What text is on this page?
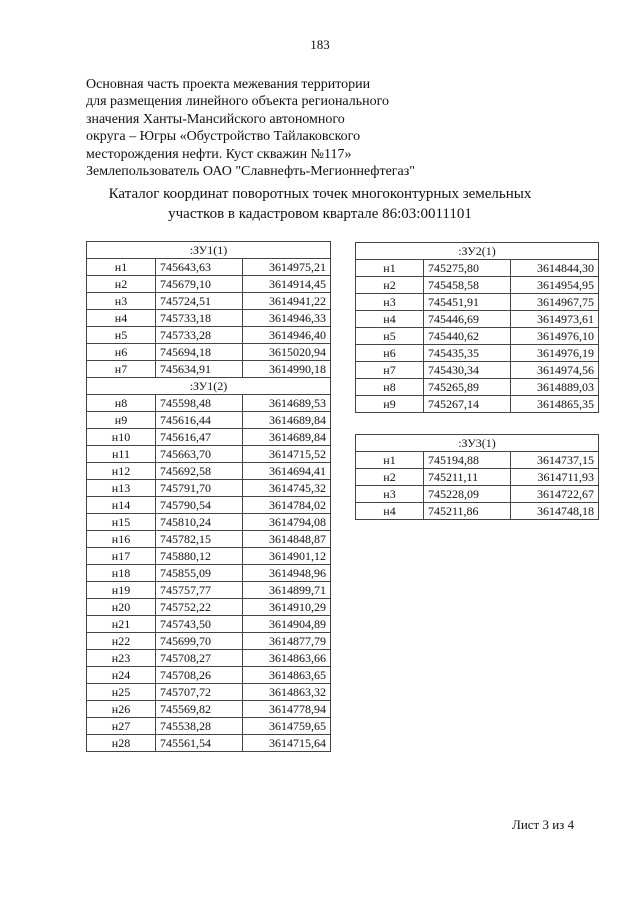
183
Основная часть проекта межевания территории
для размещения линейного объекта регионального
значения Ханты-Мансийского автономного
округа – Югры «Обустройство Тайлаковского
месторождения нефти. Куст скважин №117»
Землепользователь ОАО "Славнефть-Мегионнефтегаз"
Каталог координат поворотных точек многоконтурных земельных
участков в кадастровом квартале 86:03:0011101
:ЗУ1(1)		
н1	745643,63	3614975,21
н2	745679,10	3614914,45
н3	745724,51	3614941,22
н4	745733,18	3614946,33
н5	745733,28	3614946,40
н6	745694,18	3615020,94
н7	745634,91	3614990,18
:ЗУ1(2)		
н8	745598,48	3614689,53
н9	745616,44	3614689,84
н10	745616,47	3614689,84
н11	745663,70	3614715,52
н12	745692,58	3614694,41
н13	745791,70	3614745,32
н14	745790,54	3614784,02
н15	745810,24	3614794,08
н16	745782,15	3614848,87
н17	745880,12	3614901,12
н18	745855,09	3614948,96
н19	745757,77	3614899,71
н20	745752,22	3614910,29
н21	745743,50	3614904,89
н22	745699,70	3614877,79
н23	745708,27	3614863,66
н24	745708,26	3614863,65
н25	745707,72	3614863,32
н26	745569,82	3614778,94
н27	745538,28	3614759,65
н28	745561,54	3614715,64
:ЗУ2(1)		
н1	745275,80	3614844,30
н2	745458,58	3614954,95
н3	745451,91	3614967,75
н4	745446,69	3614973,61
н5	745440,62	3614976,10
н6	745435,35	3614976,19
н7	745430,34	3614974,56
н8	745265,89	3614889,03
н9	745267,14	3614865,35
:ЗУ3(1)		
н1	745194,88	3614737,15
н2	745211,11	3614711,93
н3	745228,09	3614722,67
н4	745211,86	3614748,18
Лист 3 из 4
